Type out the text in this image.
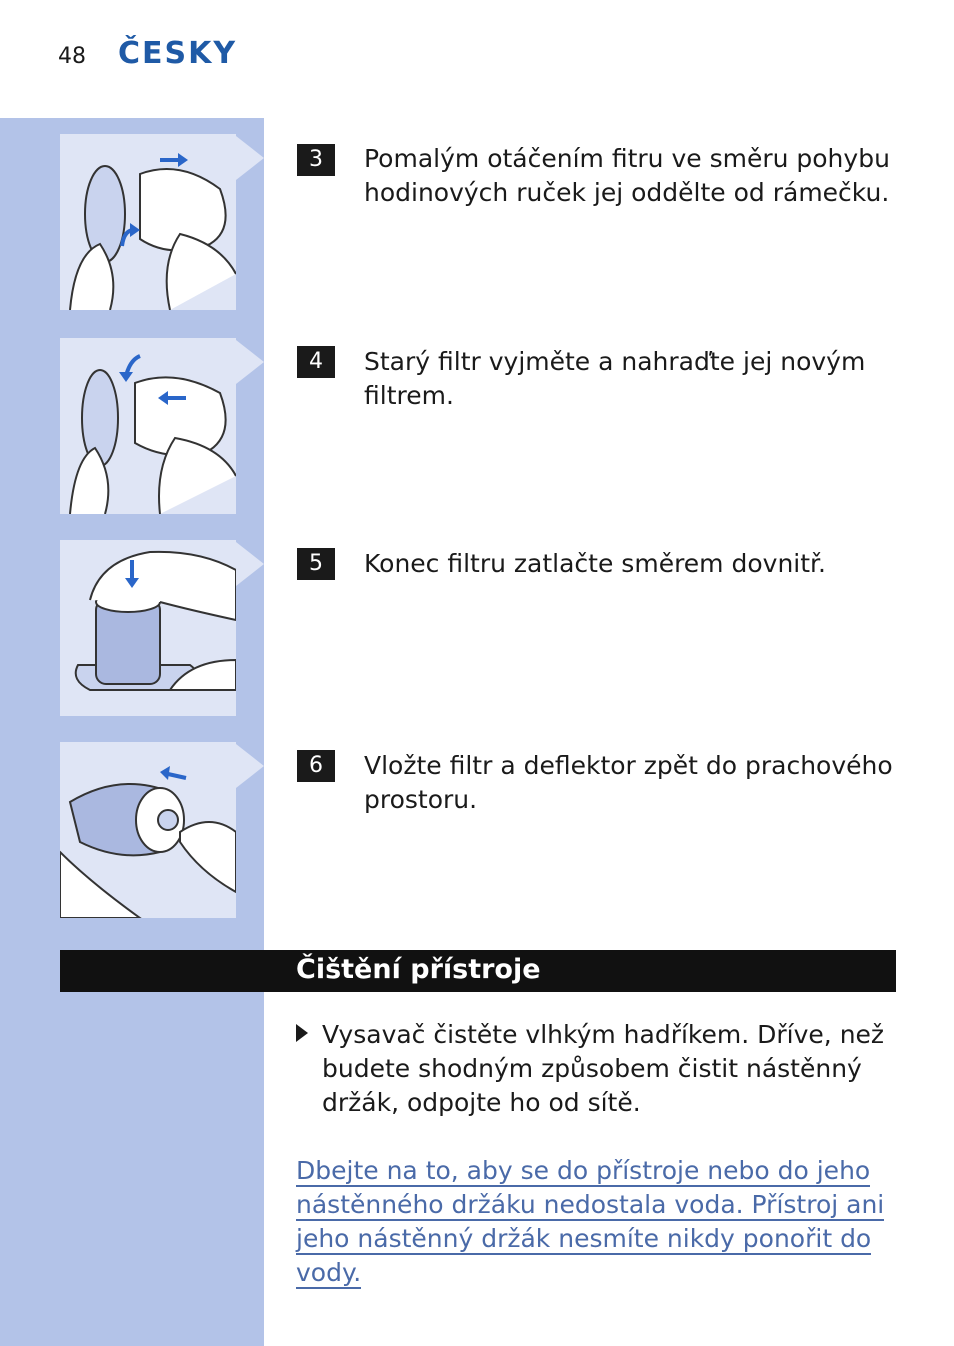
48 ČESKY
3	Pomalým otáčením fitru ve směru pohybu hodinových ruček jej oddělte od rámečku.
4	Starý filtr vyjměte a nahraďte jej novým filtrem.
5	Konec filtru zatlačte směrem dovnitř.
6	Vložte filtr a deflektor zpět do prachového prostoru.
Čištění přístroje
Vysavač čistěte vlhkým hadříkem. Dříve, než budete shodným způsobem čistit nástěnný držák, odpojte ho od sítě.
Dbejte na to, aby se do přístroje nebo do jeho nástěnného držáku nedostala voda. Přístroj ani jeho nástěnný držák nesmíte nikdy ponořit do vody.
